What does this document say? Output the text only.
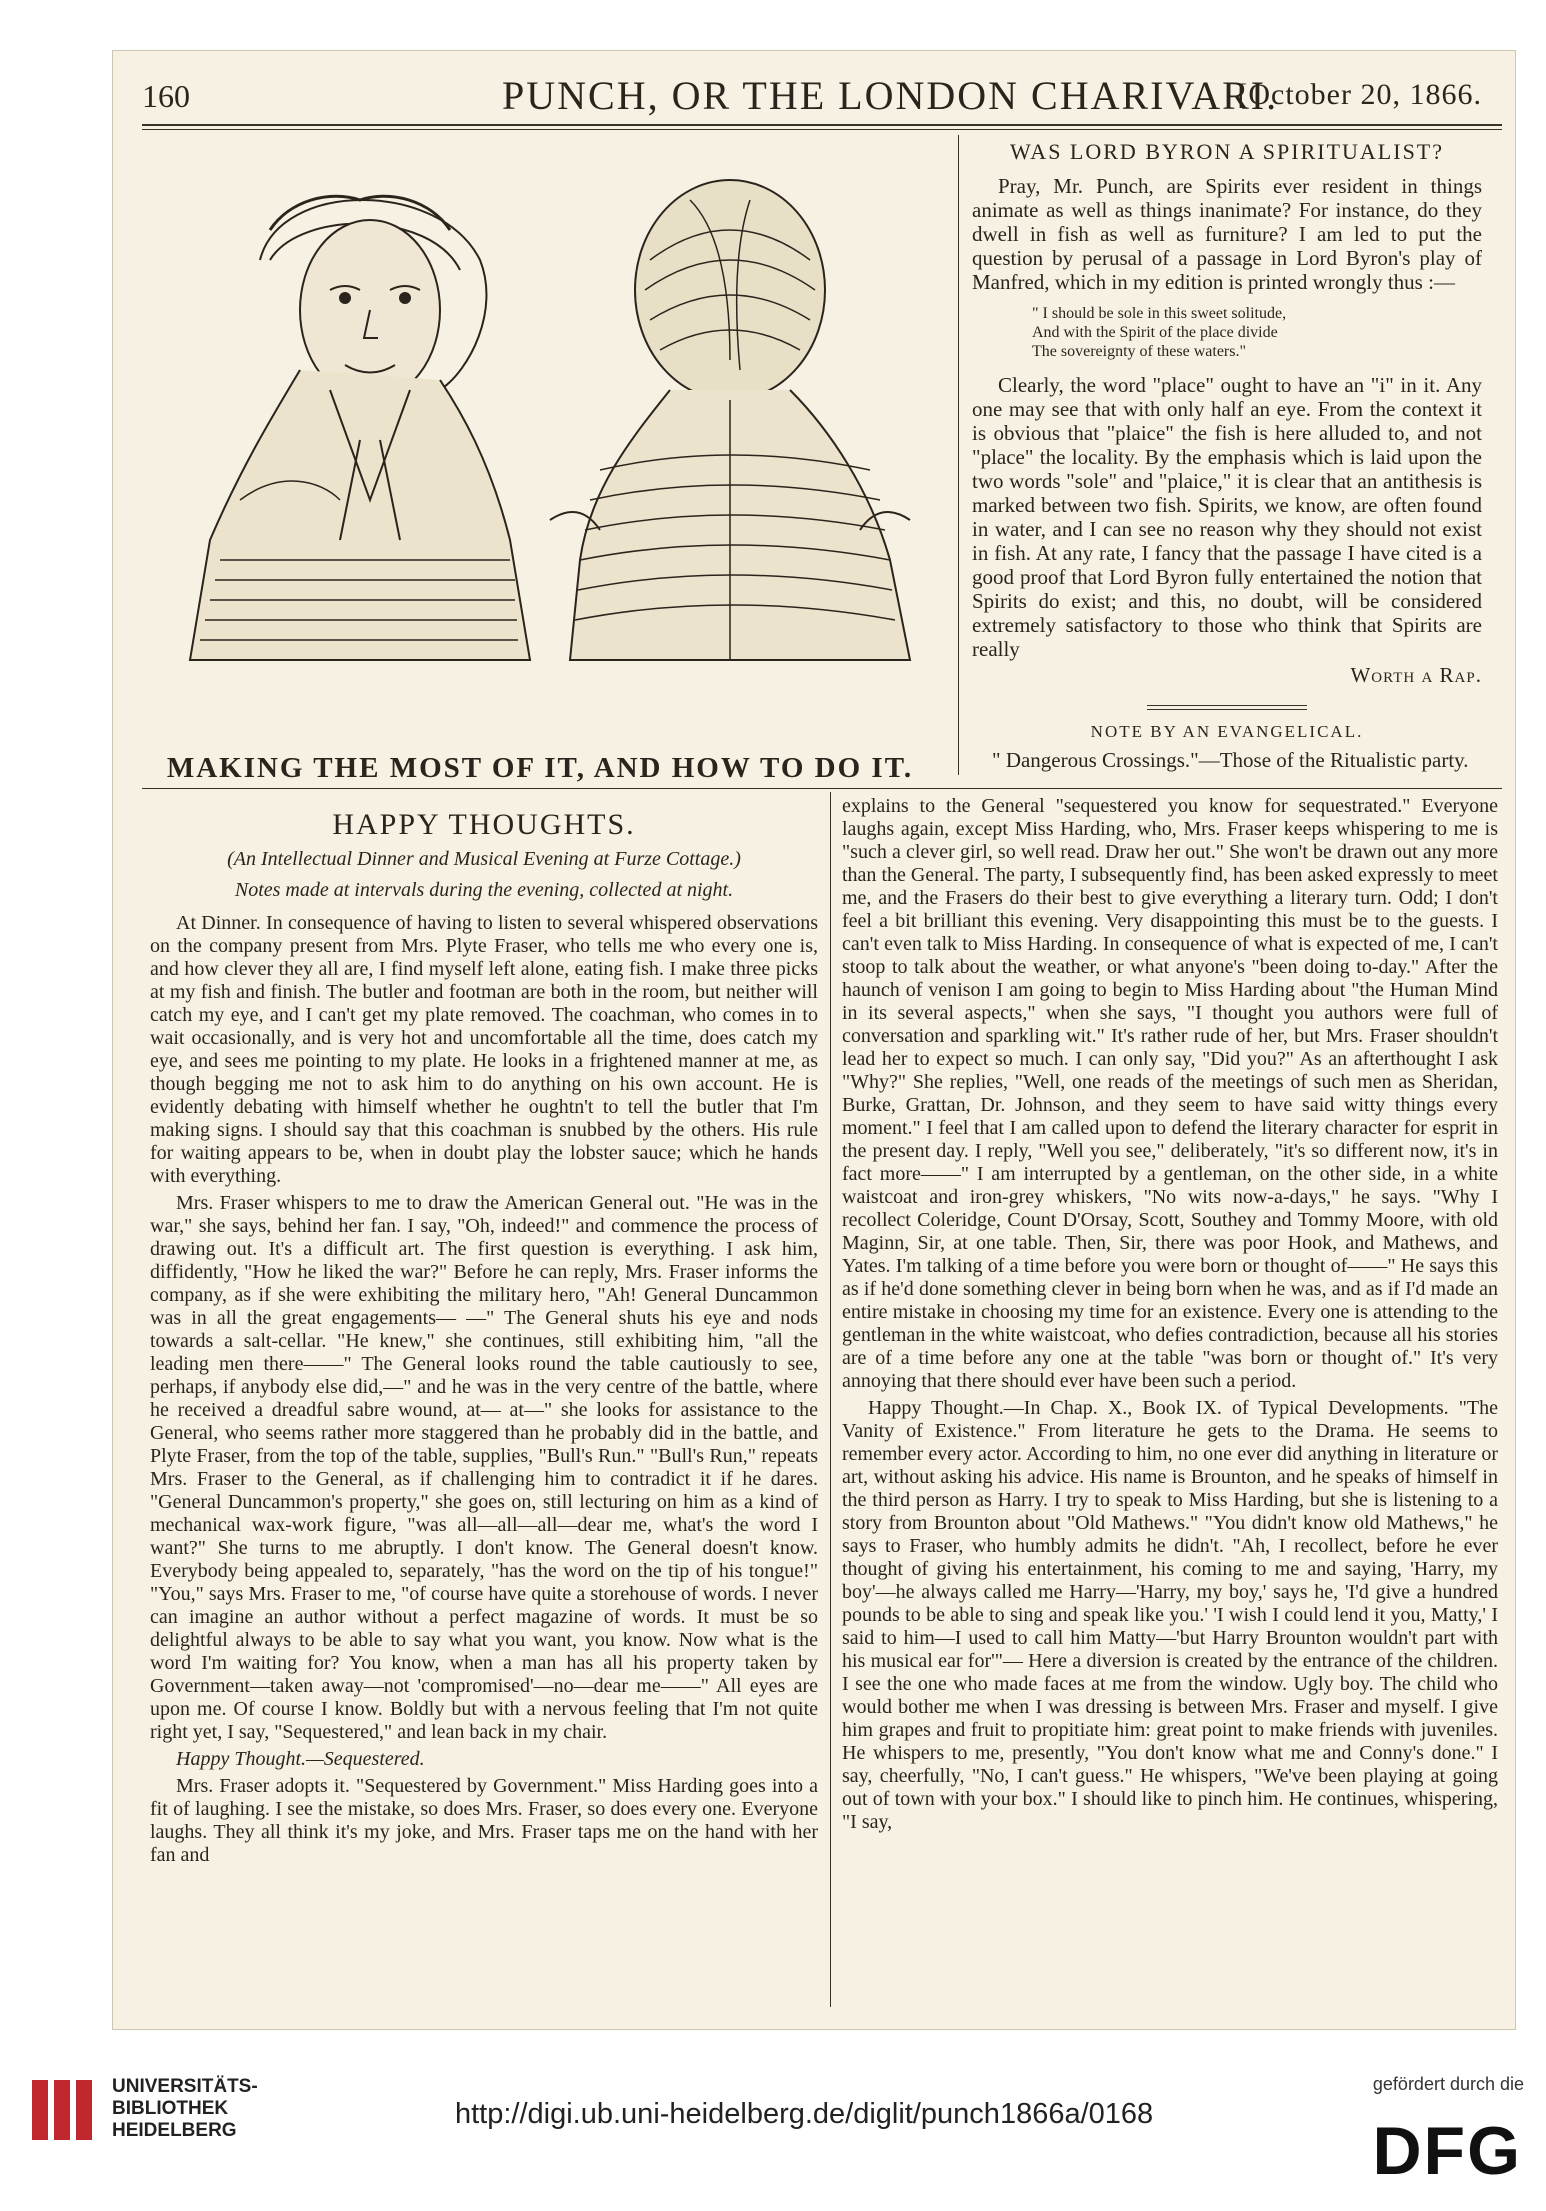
160	PUNCH, OR THE LONDON CHARIVARI.
[October 20, 1866.
MAKING THE MOST OF IT, AND HOW TO DO IT.
WAS LORD BYRON A SPIRITUALIST?

Pray, Mr. Punch, are Spirits ever resident in things animate as well as things inanimate? For instance, do they dwell in fish as well as furniture? I am led to put the question by perusal of a passage in Lord Byron's play of Manfred, which in my edition is printed wrongly thus :—

" I should be sole in this sweet solitude,
And with the Spirit of the place divide
The sovereignty of these waters."

Clearly, the word "place" ought to have an "i" in it. Any one may see that with only half an eye. From the context it is obvious that "plaice" the fish is here alluded to, and not "place" the locality. By the emphasis which is laid upon the two words "sole" and "plaice," it is clear that an antithesis is marked between two fish. Spirits, we know, are often found in water, and I can see no reason why they should not exist in fish. At any rate, I fancy that the passage I have cited is a good proof that Lord Byron fully entertained the notion that Spirits do exist; and this, no doubt, will be considered extremely satisfactory to those who think that Spirits are really

Worth a Rap.
NOTE BY AN EVANGELICAL.

" Dangerous Crossings."—Those of the Ritualistic party.

HAPPY THOUGHTS.
(An Intellectual Dinner and Musical Evening at Furze Cottage.)
Notes made at intervals during the evening, collected at night.

At Dinner. In consequence of having to listen to several whispered observations on the company present from Mrs. Plyte Fraser, who tells me who every one is, and how clever they all are, I find myself left alone, eating fish. I make three picks at my fish and finish. The butler and footman are both in the room, but neither will catch my eye, and I can't get my plate removed. The coachman, who comes in to wait occasionally, and is very hot and uncomfortable all the time, does catch my eye, and sees me pointing to my plate. He looks in a frightened manner at me, as though begging me not to ask him to do anything on his own account. He is evidently debating with himself whether he oughtn't to tell the butler that I'm making signs. I should say that this coachman is snubbed by the others. His rule for waiting appears to be, when in doubt play the lobster sauce; which he hands with everything.

Mrs. Fraser whispers to me to draw the American General out. "He was in the war," she says, behind her fan. I say, "Oh, indeed!" and commence the process of drawing out. It's a difficult art. The first question is everything. I ask him, diffidently, "How he liked the war?" Before he can reply, Mrs. Fraser informs the company, as if she were exhibiting the military hero, "Ah! General Duncammon was in all the great engagements— —" The General shuts his eye and nods towards a salt-cellar. "He knew," she continues, still exhibiting him, "all the leading men there——" The General looks round the table cautiously to see, perhaps, if anybody else did,—" and he was in the very centre of the battle, where he received a dreadful sabre wound, at— at—" she looks for assistance to the General, who seems rather more staggered than he probably did in the battle, and Plyte Fraser, from the top of the table, supplies, "Bull's Run." "Bull's Run," repeats Mrs. Fraser to the General, as if challenging him to contradict it if he dares. "General Duncammon's property," she goes on, still lecturing on him as a kind of mechanical wax-work figure, "was all—all—all—dear me, what's the word I want?" She turns to me abruptly. I don't know. The General doesn't know. Everybody being appealed to, separately, "has the word on the tip of his tongue!" "You," says Mrs. Fraser to me, "of course have quite a storehouse of words. I never can imagine an author without a perfect magazine of words. It must be so delightful always to be able to say what you want, you know. Now what is the word I'm waiting for? You know, when a man has all his property taken by Government—taken away—not 'compromised'—no—dear me——" All eyes are upon me. Of course I know. Boldly but with a nervous feeling that I'm not quite right yet, I say, "Sequestered," and lean back in my chair.

Happy Thought.—Sequestered.

Mrs. Fraser adopts it. "Sequestered by Government." Miss Harding goes into a fit of laughing. I see the mistake, so does Mrs. Fraser, so does every one. Everyone laughs. They all think it's my joke, and Mrs. Fraser taps me on the hand with her fan and

explains to the General "sequestered you know for sequestrated." Everyone laughs again, except Miss Harding, who, Mrs. Fraser keeps whispering to me is "such a clever girl, so well read. Draw her out." She won't be drawn out any more than the General. The party, I subsequently find, has been asked expressly to meet me, and the Frasers do their best to give everything a literary turn. Odd; I don't feel a bit brilliant this evening. Very disappointing this must be to the guests. I can't even talk to Miss Harding. In consequence of what is expected of me, I can't stoop to talk about the weather, or what anyone's "been doing to-day." After the haunch of venison I am going to begin to Miss Harding about "the Human Mind in its several aspects," when she says, "I thought you authors were full of conversation and sparkling wit." It's rather rude of her, but Mrs. Fraser shouldn't lead her to expect so much. I can only say, "Did you?" As an afterthought I ask "Why?" She replies, "Well, one reads of the meetings of such men as Sheridan, Burke, Grattan, Dr. Johnson, and they seem to have said witty things every moment." I feel that I am called upon to defend the literary character for esprit in the present day. I reply, "Well you see," deliberately, "it's so different now, it's in fact more——" I am interrupted by a gentleman, on the other side, in a white waistcoat and iron-grey whiskers, "No wits now-a-days," he says. "Why I recollect Coleridge, Count D'Orsay, Scott, Southey and Tommy Moore, with old Maginn, Sir, at one table. Then, Sir, there was poor Hook, and Mathews, and Yates. I'm talking of a time before you were born or thought of——" He says this as if he'd done something clever in being born when he was, and as if I'd made an entire mistake in choosing my time for an existence. Every one is attending to the gentleman in the white waistcoat, who defies contradiction, because all his stories are of a time before any one at the table "was born or thought of." It's very annoying that there should ever have been such a period.

Happy Thought.—In Chap. X., Book IX. of Typical Developments. "The Vanity of Existence." From literature he gets to the Drama. He seems to remember every actor. According to him, no one ever did anything in literature or art, without asking his advice. His name is Brounton, and he speaks of himself in the third person as Harry. I try to speak to Miss Harding, but she is listening to a story from Brounton about "Old Mathews." "You didn't know old Mathews," he says to Fraser, who humbly admits he didn't. "Ah, I recollect, before he ever thought of giving his entertainment, his coming to me and saying, 'Harry, my boy'—he always called me Harry—'Harry, my boy,' says he, 'I'd give a hundred pounds to be able to sing and speak like you.' 'I wish I could lend it you, Matty,' I said to him—I used to call him Matty—'but Harry Brounton wouldn't part with his musical ear for'"— Here a diversion is created by the entrance of the children. I see the one who made faces at me from the window. Ugly boy. The child who would bother me when I was dressing is between Mrs. Fraser and myself. I give him grapes and fruit to propitiate him: great point to make friends with juveniles. He whispers to me, presently, "You don't know what me and Conny's done." I say, cheerfully, "No, I can't guess." He whispers, "We've been playing at going out of town with your box." I should like to pinch him. He continues, whispering, "I say,

UNIVERSITÄTS-
BIBLIOTHEK
HEIDELBERG
http://digi.ub.uni-heidelberg.de/diglit/punch1866a/0168
gefördert durch die
DFG
